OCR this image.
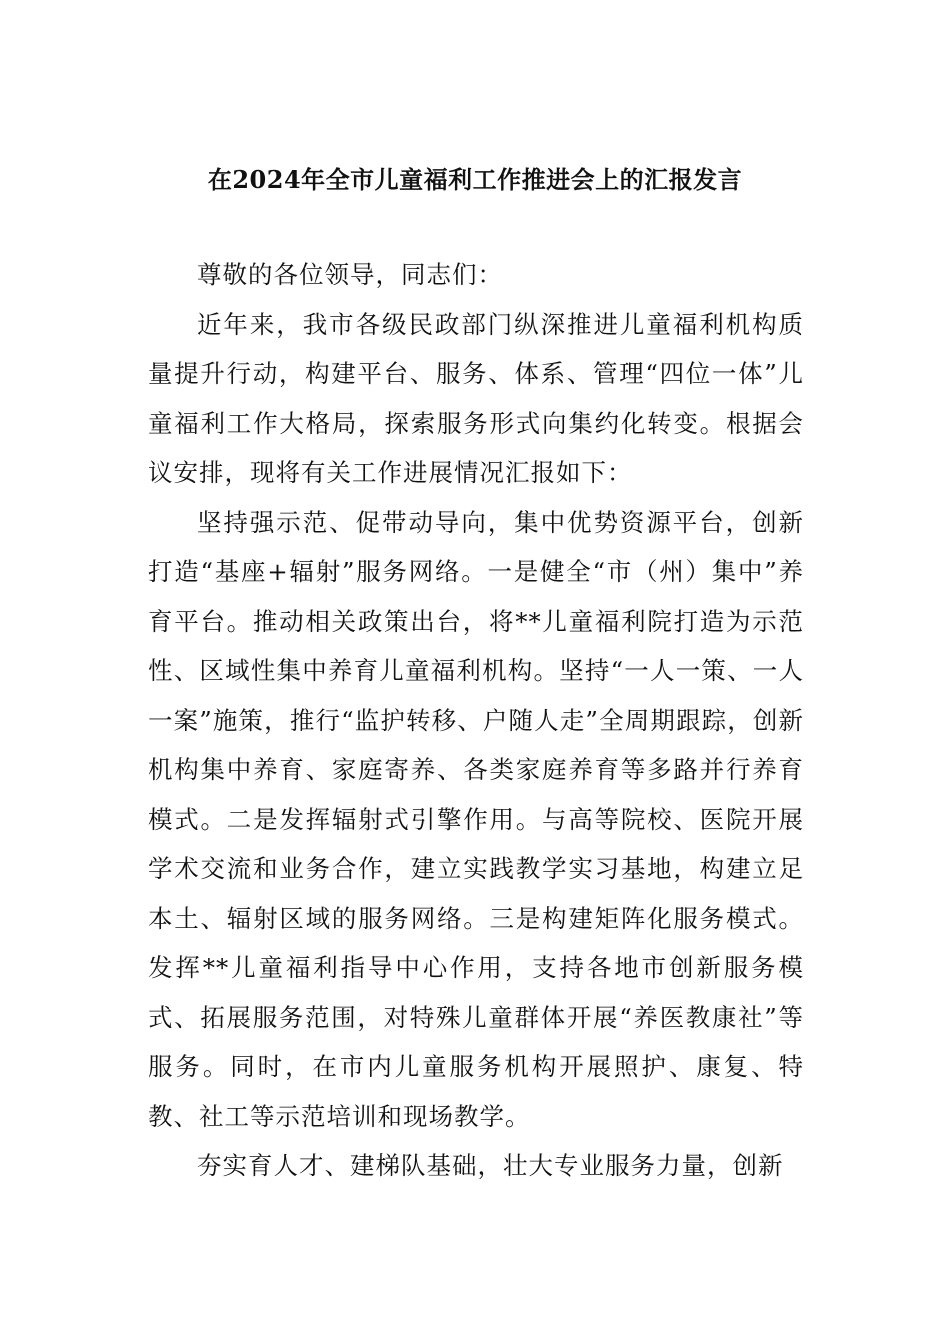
在2024年全市儿童福利工作推进会上的汇报发言

尊敬的各位领导，同志们：

近年来，我市各级民政部门纵深推进儿童福利机构质量提升行动，构建平台、服务、体系、管理“四位一体”儿童福利工作大格局，探索服务形式向集约化转变。根据会议安排，现将有关工作进展情况汇报如下：

坚持强示范、促带动导向，集中优势资源平台，创新打造“基座+辐射”服务网络。一是健全“市（州）集中”养育平台。推动相关政策出台，将**儿童福利院打造为示范性、区域性集中养育儿童福利机构。坚持“一人一策、一人一案”施策，推行“监护转移、户随人走”全周期跟踪，创新机构集中养育、家庭寄养、各类家庭养育等多路并行养育模式。二是发挥辐射式引擎作用。与高等院校、医院开展学术交流和业务合作，建立实践教学实习基地，构建立足本土、辐射区域的服务网络。三是构建矩阵化服务模式。发挥**儿童福利指导中心作用，支持各地市创新服务模式、拓展服务范围，对特殊儿童群体开展“养医教康社”等服务。同时，在市内儿童服务机构开展照护、康复、特教、社工等示范培训和现场教学。

夯实育人才、建梯队基础，壮大专业服务力量，创新
